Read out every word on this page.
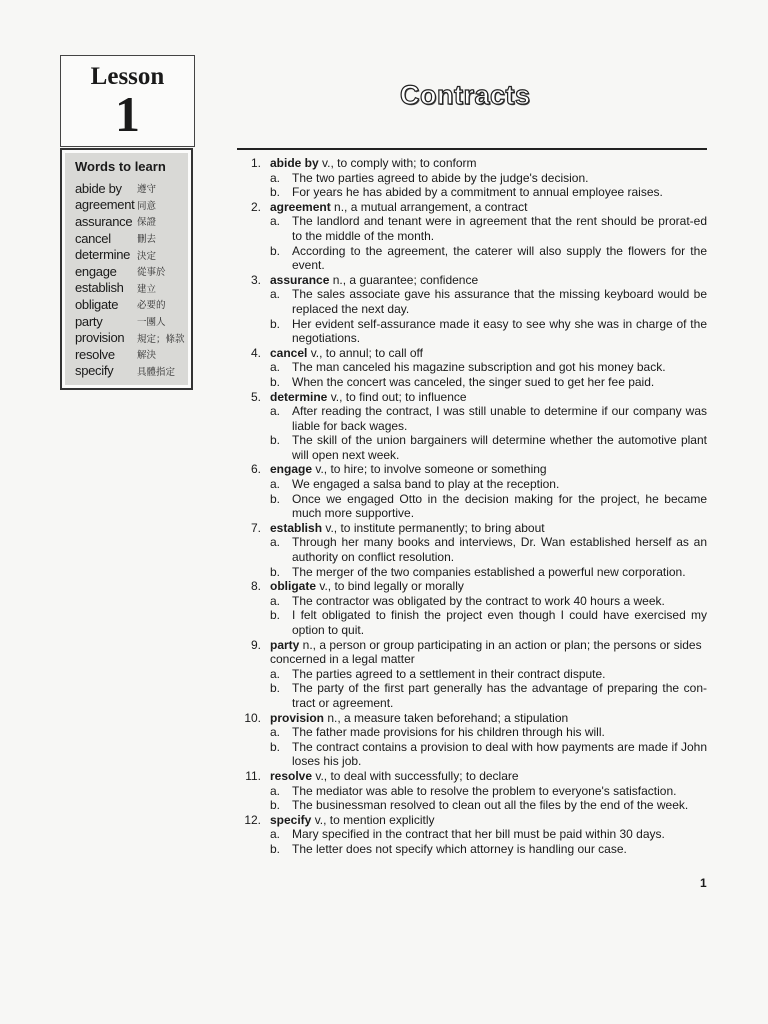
Lesson
1
Words to learn
abide by	遵守
agreement 同意
assurance 保證
cancel	刪去
determine 決定
engage	從事於
establish	建立
obligate	必要的
party	一團人
provision	規定；條款
resolve	解決
specify	具體指定
Contracts
1. abide by v., to comply with; to conform
a. The two parties agreed to abide by the judge's decision.
b. For years he has abided by a commitment to annual employee raises.
2. agreement n., a mutual arrangement, a contract
a. The landlord and tenant were in agreement that the rent should be prorat-ed to the middle of the month.
b. According to the agreement, the caterer will also supply the flowers for the event.
3. assurance n., a guarantee; confidence
a. The sales associate gave his assurance that the missing keyboard would be replaced the next day.
b. Her evident self-assurance made it easy to see why she was in charge of the negotiations.
4. cancel v., to annul; to call off
a. The man canceled his magazine subscription and got his money back.
b. When the concert was canceled, the singer sued to get her fee paid.
5. determine v., to find out; to influence
a. After reading the contract, I was still unable to determine if our company was liable for back wages.
b. The skill of the union bargainers will determine whether the automotive plant will open next week.
6. engage v., to hire; to involve someone or something
a. We engaged a salsa band to play at the reception.
b. Once we engaged Otto in the decision making for the project, he became much more supportive.
7. establish v., to institute permanently; to bring about
a. Through her many books and interviews, Dr. Wan established herself as an authority on conflict resolution.
b. The merger of the two companies established a powerful new corporation.
8. obligate v., to bind legally or morally
a. The contractor was obligated by the contract to work 40 hours a week.
b. I felt obligated to finish the project even though I could have exercised my option to quit.
9. party n., a person or group participating in an action or plan; the persons or sides concerned in a legal matter
a. The parties agreed to a settlement in their contract dispute.
b. The party of the first part generally has the advantage of preparing the con-tract or agreement.
10. provision n., a measure taken beforehand; a stipulation
a. The father made provisions for his children through his will.
b. The contract contains a provision to deal with how payments are made if John loses his job.
11. resolve v., to deal with successfully; to declare
a. The mediator was able to resolve the problem to everyone's satisfaction.
b. The businessman resolved to clean out all the files by the end of the week.
12. specify v., to mention explicitly
a. Mary specified in the contract that her bill must be paid within 30 days.
b. The letter does not specify which attorney is handling our case.
1
